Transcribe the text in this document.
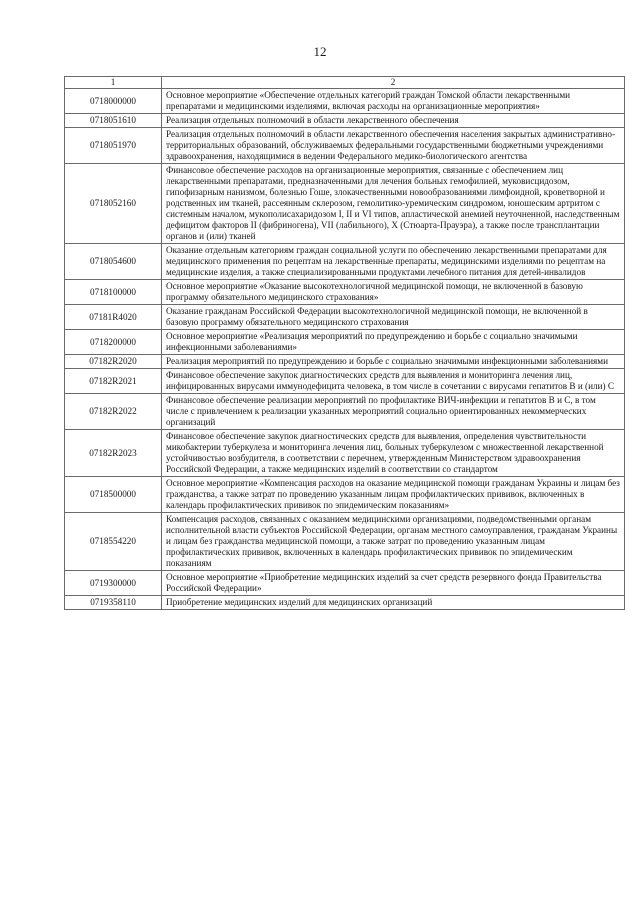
12
1	2
0718000000	Основное мероприятие «Обеспечение отдельных категорий граждан Томской области лекарственными препаратами и медицинскими изделиями, включая расходы на организационные мероприятия»
0718051610	Реализация отдельных полномочий в области лекарственного обеспечения
0718051970	Реализация отдельных полномочий в области лекарственного обеспечения населения закрытых административно-территориальных образований, обслуживаемых федеральными государственными бюджетными учреждениями здравоохранения, находящимися в ведении Федерального медико-биологического агентства
0718052160	Финансовое обеспечение расходов на организационные мероприятия, связанные с обеспечением лиц лекарственными препаратами, предназначенными для лечения больных гемофилией, муковисцидозом, гипофизарным нанизмом, болезнью Гоше, злокачественными новообразованиями лимфоидной, кроветворной и родственных им тканей, рассеянным склерозом, гемолитико-уремическим синдромом, юношеским артритом с системным началом, мукополисахаридозом I, II и VI типов, апластической анемией неуточненной, наследственным дефицитом факторов II (фибриногена), VII (лабильного), X (Стюарта-Прауэра), а также после трансплантации органов и (или) тканей
0718054600	Оказание отдельным категориям граждан социальной услуги по обеспечению лекарственными препаратами для медицинского применения по рецептам на лекарственные препараты, медицинскими изделиями по рецептам на медицинские изделия, а также специализированными продуктами лечебного питания для детей-инвалидов
0718100000	Основное мероприятие «Оказание высокотехнологичной медицинской помощи, не включенной в базовую программу обязательного медицинского страхования»
07181R4020	Оказание гражданам Российской Федерации высокотехнологичной медицинской помощи, не включенной в базовую программу обязательного медицинского страхования
0718200000	Основное мероприятие «Реализация мероприятий по предупреждению и борьбе с социально значимыми инфекционными заболеваниями»
07182R2020	Реализация мероприятий по предупреждению и борьбе с социально значимыми инфекционными заболеваниями
07182R2021	Финансовое обеспечение закупок диагностических средств для выявления и мониторинга лечения лиц, инфицированных вирусами иммунодефицита человека, в том числе в сочетании с вирусами гепатитов В и (или) С
07182R2022	Финансовое обеспечение реализации мероприятий по профилактике ВИЧ-инфекции и гепатитов В и С, в том числе с привлечением к реализации указанных мероприятий социально ориентированных некоммерческих организаций
07182R2023	Финансовое обеспечение закупок диагностических средств для выявления, определения чувствительности микобактерии туберкулеза и мониторинга лечения лиц, больных туберкулезом с множественной лекарственной устойчивостью возбудителя, в соответствии с перечнем, утвержденным Министерством здравоохранения Российской Федерации, а также медицинских изделий в соответствии со стандартом
0718500000	Основное мероприятие «Компенсация расходов на оказание медицинской помощи гражданам Украины и лицам без гражданства, а также затрат по проведению указанным лицам профилактических прививок, включенных в календарь профилактических прививок по эпидемическим показаниям»
0718554220	Компенсация расходов, связанных с оказанием медицинскими организациями, подведомственными органам исполнительной власти субъектов Российской Федерации, органам местного самоуправления, гражданам Украины и лицам без гражданства медицинской помощи, а также затрат по проведению указанным лицам профилактических прививок, включенных в календарь профилактических прививок по эпидемическим показаниям
0719300000	Основное мероприятие «Приобретение медицинских изделий за счет средств резервного фонда Правительства Российской Федерации»
0719358110	Приобретение медицинских изделий для медицинских организаций
